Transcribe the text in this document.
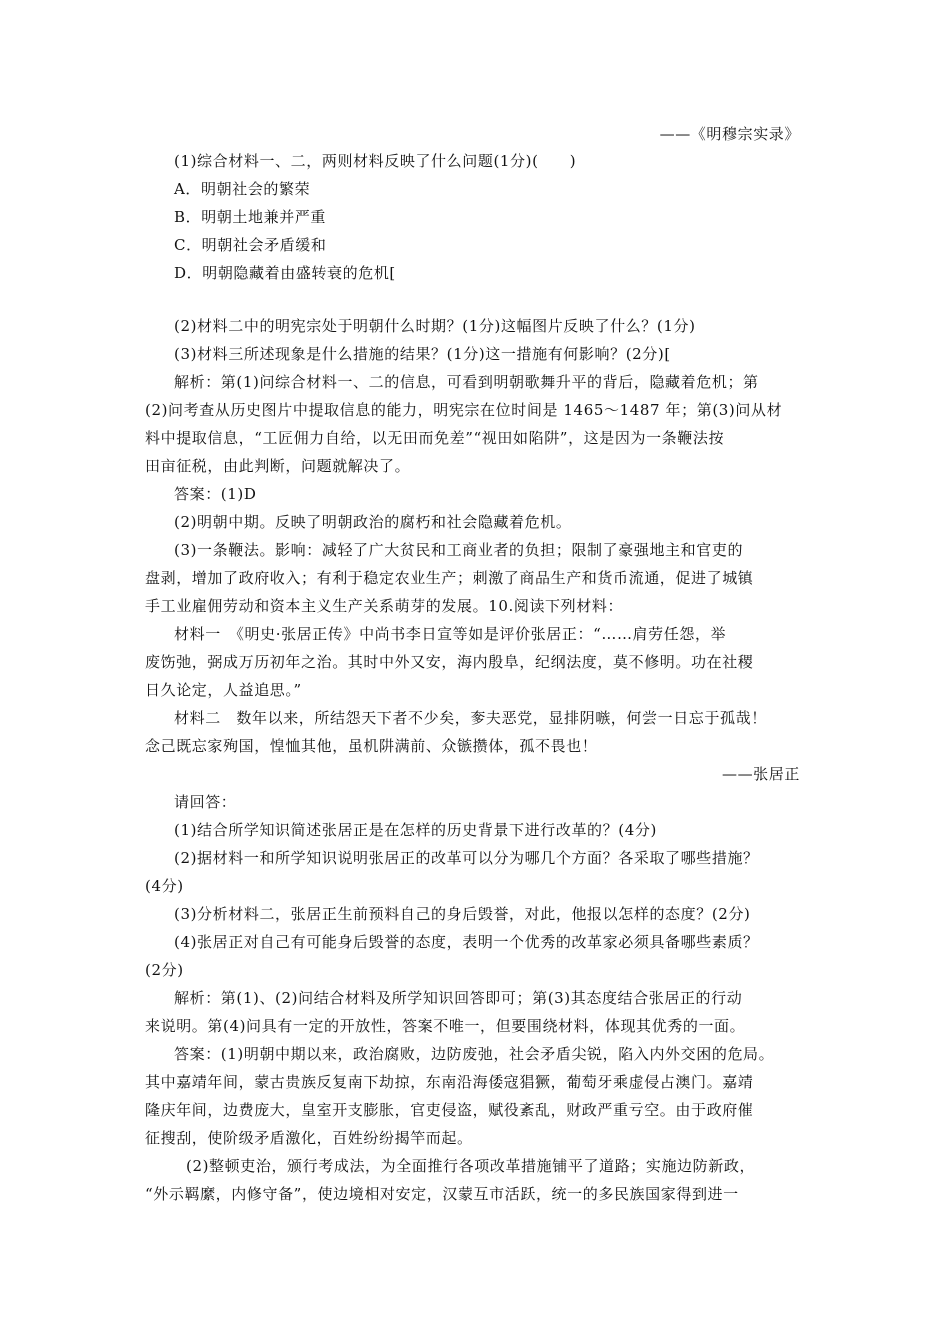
——《明穆宗实录》
(1)综合材料一、二，两则材料反映了什么问题(1分)(　　)
A．明朝社会的繁荣
B．明朝土地兼并严重
C．明朝社会矛盾缓和
D．明朝隐藏着由盛转衰的危机[
(2)材料二中的明宪宗处于明朝什么时期？(1分)这幅图片反映了什么？(1分)
(3)材料三所述现象是什么措施的结果？(1分)这一措施有何影响？(2分)[
解析：第(1)问综合材料一、二的信息，可看到明朝歌舞升平的背后，隐藏着危机；第
(2)问考查从历史图片中提取信息的能力，明宪宗在位时间是 1465～1487 年；第(3)问从材
料中提取信息，“工匠佣力自给，以无田而免差”“视田如陷阱”，这是因为一条鞭法按
田亩征税，由此判断，问题就解决了。
答案：(1)D
(2)明朝中期。反映了明朝政治的腐朽和社会隐藏着危机。
(3)一条鞭法。影响：减轻了广大贫民和工商业者的负担；限制了豪强地主和官吏的
盘剥，增加了政府收入；有利于稳定农业生产；刺激了商品生产和货币流通，促进了城镇
手工业雇佣劳动和资本主义生产关系萌芽的发展。10.阅读下列材料：
材料一　《明史·张居正传》中尚书李日宣等如是评价张居正：“……肩劳任怨，举
废饬弛，弼成万历初年之治。其时中外又安，海内殷阜，纪纲法度，莫不修明。功在社稷
日久论定，人益追思。”
材料二　数年以来，所结怨天下者不少矣，奓夫恶党，显排阴嗾，何尝一日忘于孤哉！
念己既忘家殉国，惶恤其他，虽机阱满前、众镞攒体，孤不畏也！
——张居正
请回答：
(1)结合所学知识简述张居正是在怎样的历史背景下进行改革的？(4分)
(2)据材料一和所学知识说明张居正的改革可以分为哪几个方面？各采取了哪些措施？
(4分)
(3)分析材料二，张居正生前预料自己的身后毁誉，对此，他报以怎样的态度？(2分)
(4)张居正对自己有可能身后毁誉的态度，表明一个优秀的改革家必须具备哪些素质？
(2分)
解析：第(1)、(2)问结合材料及所学知识回答即可；第(3)其态度结合张居正的行动
来说明。第(4)问具有一定的开放性，答案不唯一，但要围绕材料，体现其优秀的一面。
答案：(1)明朝中期以来，政治腐败，边防废弛，社会矛盾尖锐，陷入内外交困的危局。
其中嘉靖年间，蒙古贵族反复南下劫掠，东南沿海倭寇猖獗，葡萄牙乘虚侵占澳门。嘉靖
隆庆年间，边费庞大，皇室开支膨胀，官吏侵盗，赋役紊乱，财政严重亏空。由于政府催
征搜刮，使阶级矛盾激化，百姓纷纷揭竿而起。
(2)整顿吏治，颁行考成法，为全面推行各项改革措施铺平了道路；实施边防新政，
“外示羁縻，内修守备”，使边境相对安定，汉蒙互市活跃，统一的多民族国家得到进一
